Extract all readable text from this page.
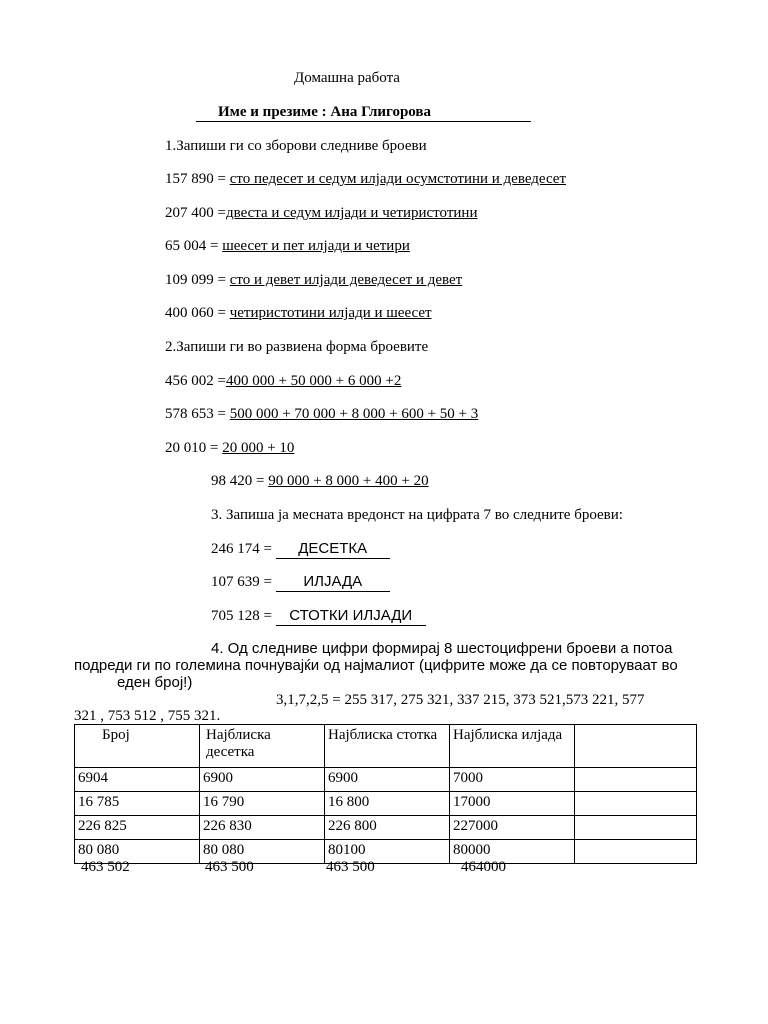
Домашна работа
Име и презиме : Ана Глигорова
1.Запиши ги со зборови следниве броеви
157 890 = сто педесет и седум илјади осумстотини и деведесет
207 400 =двеста и седум илјади и четиристотини
65 004 = шеесет и пет илјади и четири
109 099 = сто и девет илјади деведесет и девет
400 060 = четиристотини илјади и шеесет
2.Запиши ги во развиена форма броевите
456 002 =400 000 + 50 000 + 6 000 +2
578 653 = 500 000 + 70 000 + 8 000 + 600 + 50 + 3
20 010 = 20 000 + 10
98 420 = 90 000 + 8 000 + 400 + 20
3. Запиша ја месната вредонст на цифрата 7 во следните броеви:
246 174 = ДЕСЕТКА
107 639 = ИЛЈАДА
705 128 = СТОТКИ ИЛЈАДИ
4. Од следниве цифри формирај 8 шестоцифрени броеви а потоа
подреди ги по големина почнувајќи од најмалиот (цифрите може да се повторуваат во
еден број!)
3,1,7,2,5 = 255 317, 275 321, 337 215, 373 521,573 221, 577
321 , 753 512 , 755 321.
Број	Најблиска десетка	Најблиска стотка	Најблиска илјада	
6904	6900	6900	7000	
16 785	16 790	16 800	17000	
226 825	226 830	226 800	227000	
80 080	80 080	80100	80000	
463 502	463 500	463 500	464000
